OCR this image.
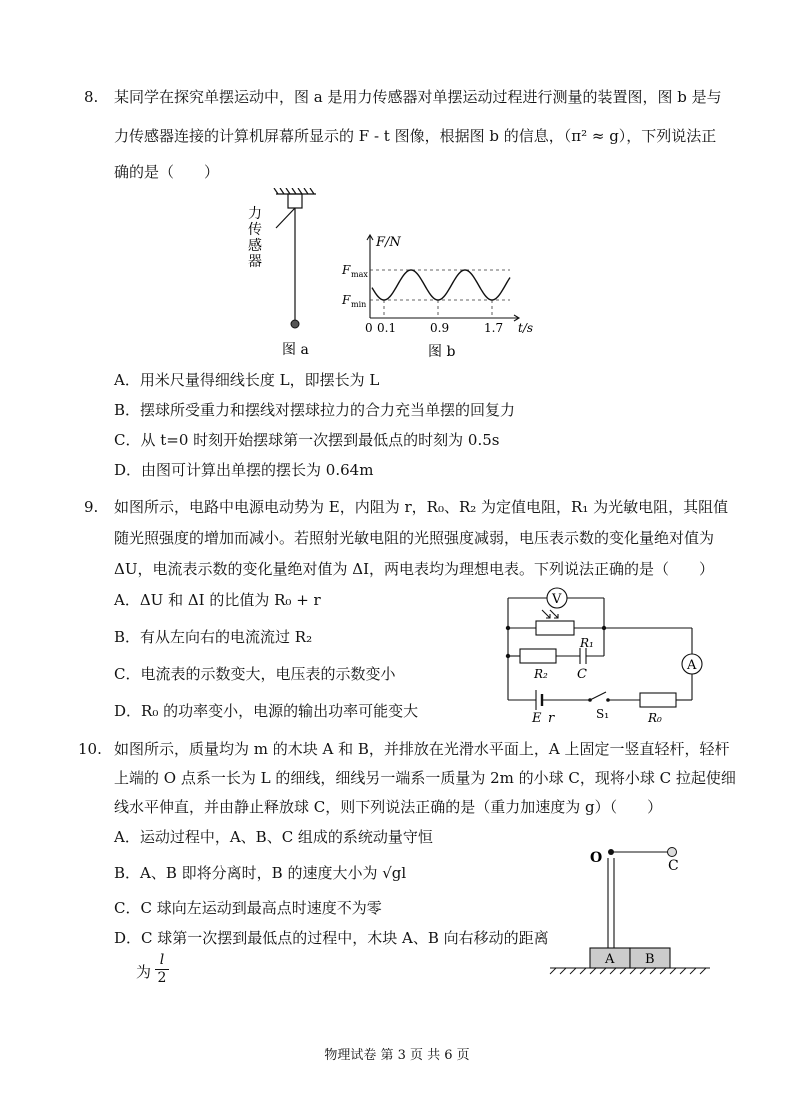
8. 某同学在探究单摆运动中，图 a 是用力传感器对单摆运动过程进行测量的装置图，图 b 是与
力传感器连接的计算机屏幕所显示的 F - t 图像，根据图 b 的信息，（π² ≈ g），下列说法正
确的是（　　）
力
传
感
器
图 a
F/N
F max
F min
0 0.1	0.9	1.7 t/s
图 b
A．用米尺量得细线长度 L，即摆长为 L
B．摆球所受重力和摆线对摆球拉力的合力充当单摆的回复力
C．从 t=0 时刻开始摆球第一次摆到最低点的时刻为 0.5s
D．由图可计算出单摆的摆长为 0.64m
9. 如图所示，电路中电源电动势为 E，内阻为 r，R₀、R₂ 为定值电阻，R₁ 为光敏电阻，其阻值
随光照强度的增加而减小。若照射光敏电阻的光照强度减弱，电压表示数的变化量绝对值为
ΔU，电流表示数的变化量绝对值为 ΔI，两电表均为理想电表。下列说法正确的是（　　）
A．ΔU 和 ΔI 的比值为 R₀ + r
B．有从左向右的电流流过 R₂
C．电流表的示数变大，电压表的示数变小
D．R₀ 的功率变小，电源的输出功率可能变大
V
A
R₁
R₂ C
E r	S₁	R₀
10. 如图所示，质量均为 m 的木块 A 和 B，并排放在光滑水平面上，A 上固定一竖直轻杆，轻杆
上端的 O 点系一长为 L 的细线，细线另一端系一质量为 2m 的小球 C，现将小球 C 拉起使细
线水平伸直，并由静止释放球 C，则下列说法正确的是（重力加速度为 g）（　　）
A．运动过程中，A、B、C 组成的系统动量守恒
B．A、B 即将分离时，B 的速度大小为 √gl
C．C 球向左运动到最高点时速度不为零
D．C 球第一次摆到最低点的过程中，木块 A、B 向右移动的距离
为
l
2
O	C
A B
物理试卷 第 3 页 共 6 页
